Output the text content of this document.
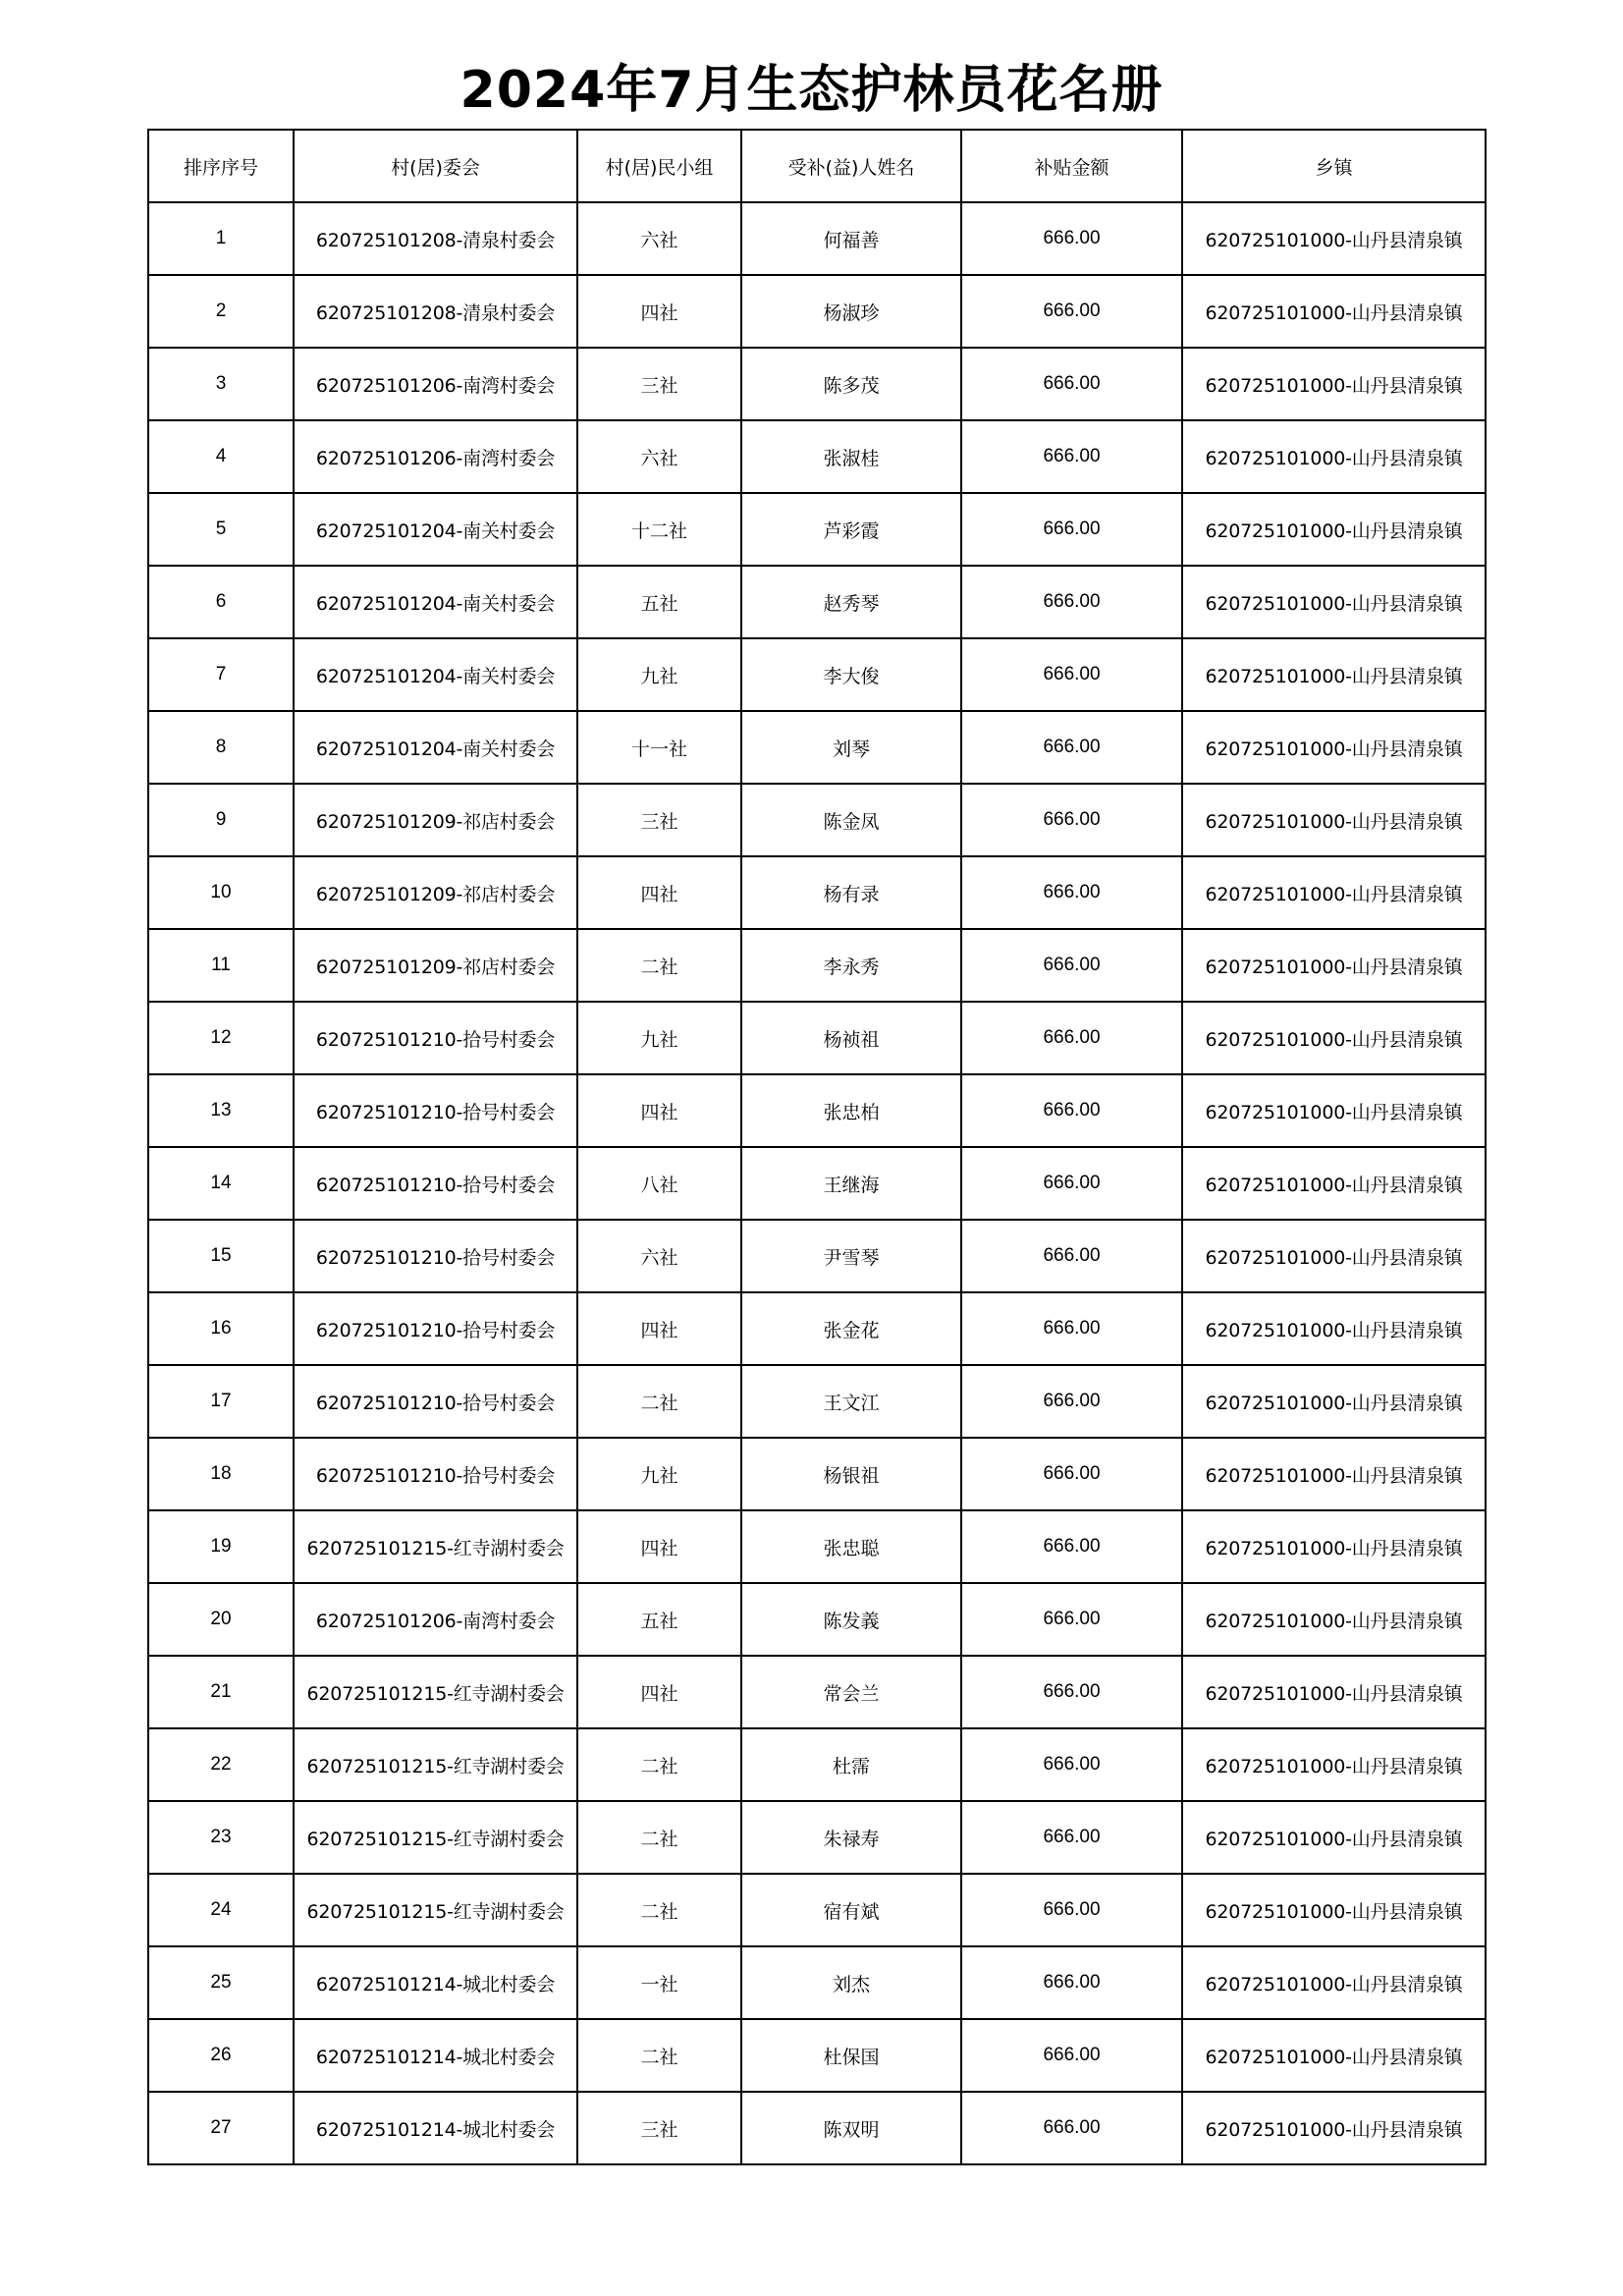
2024年7月生态护林员花名册
排序序号	村(居)委会	村(居)民小组	受补(益)人姓名	补贴金额	乡镇
1	620725101208-清泉村委会	六社	何福善	666.00	620725101000-山丹县清泉镇
2	620725101208-清泉村委会	四社	杨淑珍	666.00	620725101000-山丹县清泉镇
3	620725101206-南湾村委会	三社	陈多茂	666.00	620725101000-山丹县清泉镇
4	620725101206-南湾村委会	六社	张淑桂	666.00	620725101000-山丹县清泉镇
5	620725101204-南关村委会	十二社	芦彩霞	666.00	620725101000-山丹县清泉镇
6	620725101204-南关村委会	五社	赵秀琴	666.00	620725101000-山丹县清泉镇
7	620725101204-南关村委会	九社	李大俊	666.00	620725101000-山丹县清泉镇
8	620725101204-南关村委会	十一社	刘琴	666.00	620725101000-山丹县清泉镇
9	620725101209-祁店村委会	三社	陈金凤	666.00	620725101000-山丹县清泉镇
10	620725101209-祁店村委会	四社	杨有录	666.00	620725101000-山丹县清泉镇
11	620725101209-祁店村委会	二社	李永秀	666.00	620725101000-山丹县清泉镇
12	620725101210-拾号村委会	九社	杨祯祖	666.00	620725101000-山丹县清泉镇
13	620725101210-拾号村委会	四社	张忠柏	666.00	620725101000-山丹县清泉镇
14	620725101210-拾号村委会	八社	王继海	666.00	620725101000-山丹县清泉镇
15	620725101210-拾号村委会	六社	尹雪琴	666.00	620725101000-山丹县清泉镇
16	620725101210-拾号村委会	四社	张金花	666.00	620725101000-山丹县清泉镇
17	620725101210-拾号村委会	二社	王文江	666.00	620725101000-山丹县清泉镇
18	620725101210-拾号村委会	九社	杨银祖	666.00	620725101000-山丹县清泉镇
19	620725101215-红寺湖村委会	四社	张忠聪	666.00	620725101000-山丹县清泉镇
20	620725101206-南湾村委会	五社	陈发義	666.00	620725101000-山丹县清泉镇
21	620725101215-红寺湖村委会	四社	常会兰	666.00	620725101000-山丹县清泉镇
22	620725101215-红寺湖村委会	二社	杜霈	666.00	620725101000-山丹县清泉镇
23	620725101215-红寺湖村委会	二社	朱禄寿	666.00	620725101000-山丹县清泉镇
24	620725101215-红寺湖村委会	二社	宿有斌	666.00	620725101000-山丹县清泉镇
25	620725101214-城北村委会	一社	刘杰	666.00	620725101000-山丹县清泉镇
26	620725101214-城北村委会	二社	杜保国	666.00	620725101000-山丹县清泉镇
27	620725101214-城北村委会	三社	陈双明	666.00	620725101000-山丹县清泉镇
